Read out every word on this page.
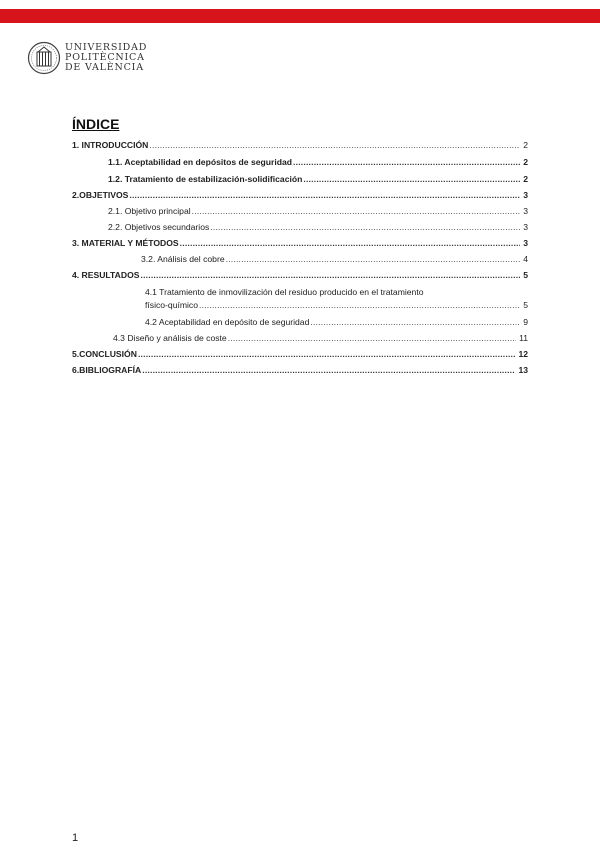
UNIVERSIDAD
POLITÈCNICA
DE VALÈNCIA
ÍNDICE
1. INTRODUCCIÓN .....	2
1.1. Aceptabilidad en depósitos de seguridad .....	2
1.2. Tratamiento de estabilización-solidificación .....	2
2.OBJETIVOS .....	3
2.1. Objetivo principal .....	3
2.2. Objetivos secundarios .....	3
3. MATERIAL Y MÉTODOS .....	3
3.2. Análisis del cobre .....	4
4. RESULTADOS .....	5
4.1 Tratamiento de inmovilización del residuo producido en el tratamiento
físico-químico .....	5
4.2 Aceptabilidad en depósito de seguridad .....	9
4.3 Diseño y análisis de coste .....	11
5.CONCLUSIÓN .....	12
6.BIBLIOGRAFÍA .....	13
1
